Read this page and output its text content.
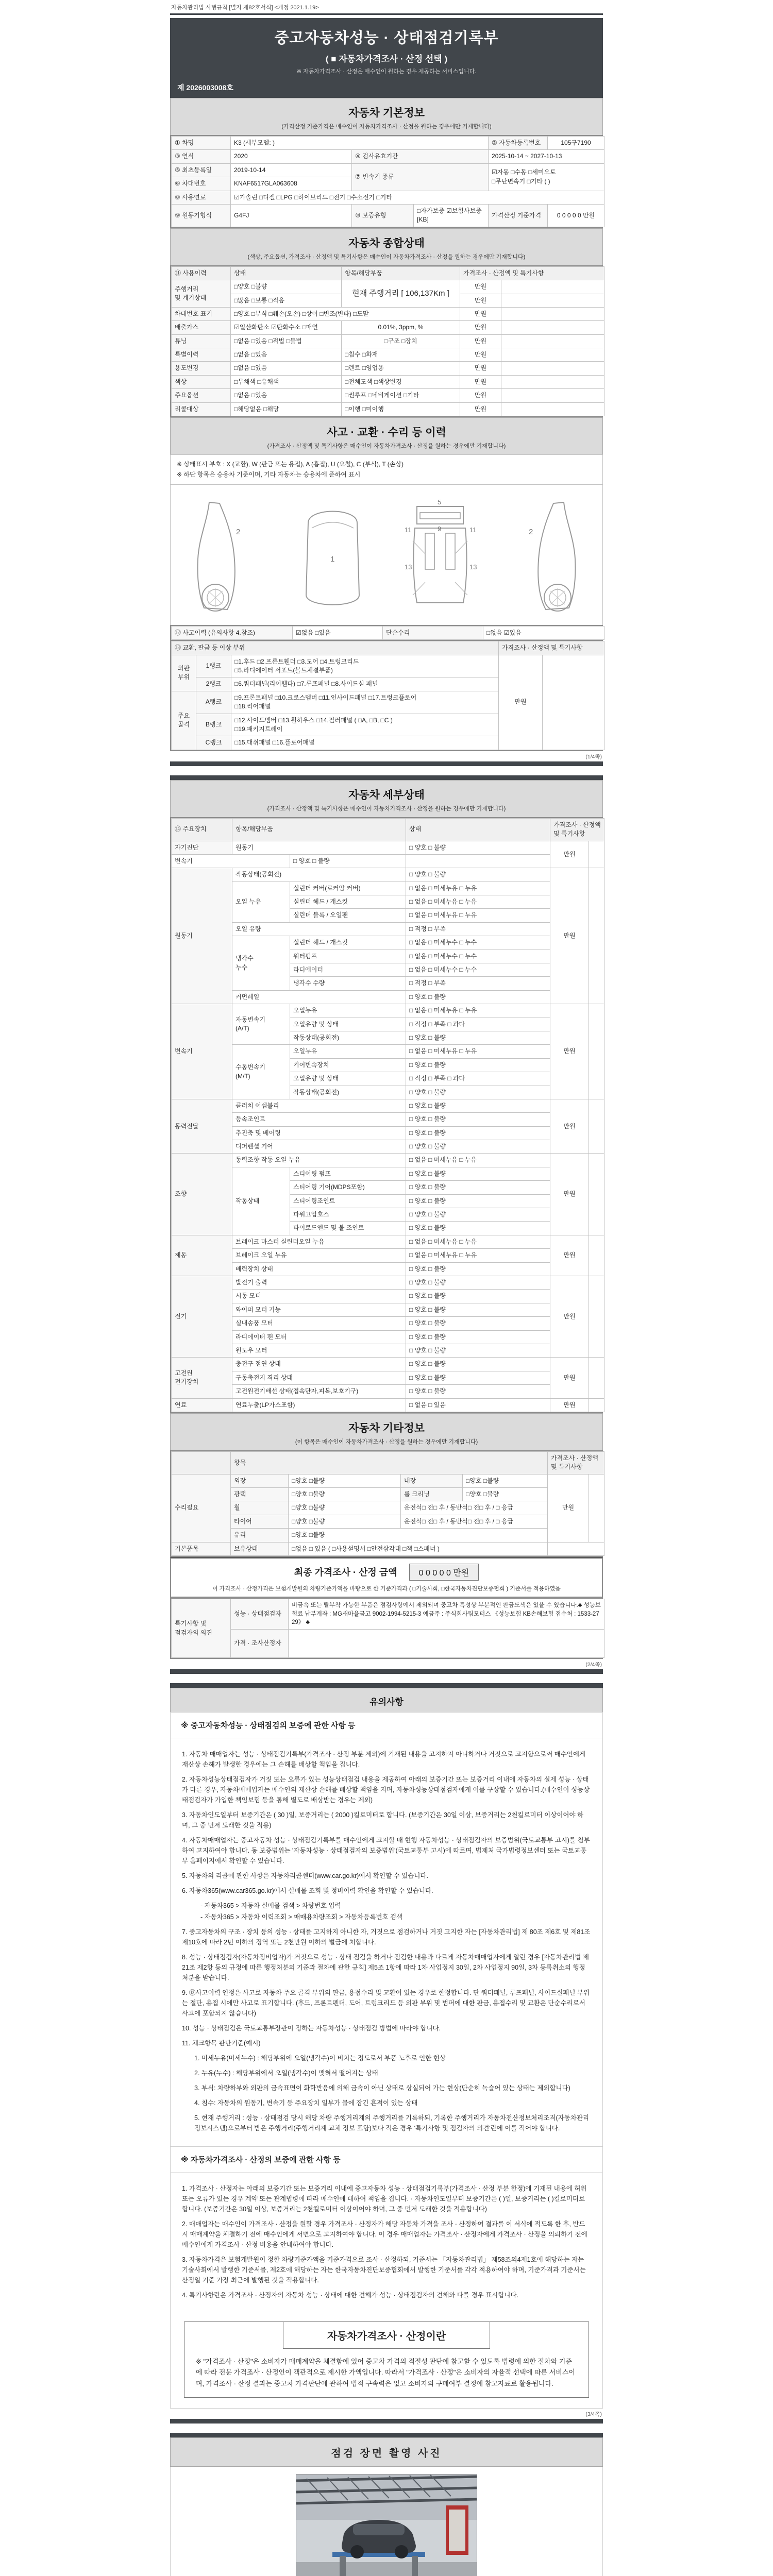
자동차관리법 시행규칙 [별지 제82호서식] <개정 2021.1.19>
중고자동차성능 · 상태점검기록부
( ■ 자동차가격조사 · 산정 선택 )
※ 자동차가격조사 · 산정은 매수인이 원하는 경우 제공하는 서비스입니다.
제 2026003008호
자동차 기본정보

(가격산정 기준가격은 매수인이 자동차가격조사 · 산정을 원하는 경우에만 기재합니다)

① 차명	K3 (세부모델: )			② 자동차등록번호	105구7190
③ 연식	2020	④ 검사유효기간		2025-10-14 ~ 2027-10-13	
⑤ 최초등록일	2019-10-14	⑦ 변속기 종류		☑자동 □수동 □세미오토
□무단변속기 □기타 ( )	
⑥ 차대번호	KNAF6517GLA063608				
⑧ 사용연료	☑가솔린 □디젤 □LPG □하이브리드 □전기 □수소전기 □기타				
⑨ 원동기형식	G4FJ	⑩ 보증유형	□자가보증 ☑보험사보증 [KB]	가격산정 기준가격	0 0 0 0 0 만원
자동차 종합상태

(색상, 주요옵션, 가격조사 · 산정액 및 특기사항은 매수인이 자동차가격조사 · 산정을 원하는 경우에만 기재합니다)

⑪ 사용이력	상태	항목/해당부품	가격조사 · 산정액 및 특기사항	
주행거리
및 계기상태	□양호 □불량	현재 주행거리 [ 106,137Km ]	만원	
	□많음 □보통 □적음		만원	
차대번호 표기	□양호 □부식 □훼손(오손) □상이 □변조(변타) □도말		만원	
배출가스	☑일산화탄소 ☑탄화수소 □매연	0.01%, 3ppm, %	만원	
튜닝	□없음 □있음 □적법 □불법	□구조 □장치	만원	
특별이력	□없음 □있음	□침수 □화재	만원	
용도변경	□없음 □있음	□렌트 □영업용	만원	
색상	□무채색 □유채색	□전체도색 □색상변경	만원	
주요옵션	□없음 □있음	□썬루프 □네비게이션 □기타	만원	
리콜대상	□해당없음 □해당	□이행 □미이행	만원	
사고 · 교환 · 수리 등 이력

(가격조사 · 산정액 및 특기사항은 매수인이 자동차가격조사 · 산정을 원하는 경우에만 기재합니다)

※ 상태표시 부호 : X (교환), W (판금 또는 용접), A (흠집), U (요철), C (부식), T (손상)
※ 하단 항목은 승용차 기준이며, 기타 자동차는 승용차에 준하여 표시
2
1
11	11
13	13
5
9	2
⑫ 사고이력 (유의사항 4.참조)	☑없음 □있음	단순수리	□없음 ☑있음
⑬ 교환, 판금 등 이상 부위			가격조사 · 산정액 및 특기사항	
외판
부위	1랭크	□1.후드 □2.프론트휀더 □3.도어 □4.트렁크리드
□5.라디에이터 서포트(볼트체결부품)	만원	
	2랭크	□6.쿼터패널(리어휀다) □7.루프패널 □8.사이드실 패널		
주요
골격	A랭크	□9.프론트패널 □10.크로스멤버 □11.인사이드패널 □17.트렁크플로어
□18.리어패널		
	B랭크	□12.사이드멤버 □13.휠하우스 □14.필러패널 ( □A, □B, □C )
□19.패키지트레이		
	C랭크	□15.대쉬패널 □16.플로어패널		
(1/4쪽)
자동차 세부상태

(가격조사 · 산정액 및 특기사항은 매수인이 자동차가격조사 · 산정을 원하는 경우에만 기재합니다)

⑭ 주요장치	항목/해당부품		상태	가격조사 · 산정액 및 특기사항	
자기진단	원동기		□ 양호 □ 불량	만원	
변속기		□ 양호 □ 불량			
원동기	작동상태(공회전)		□ 양호 □ 불량	만원	
	오일 누유	실린더 커버(로커암 커버)	□ 없음 □ 미세누유 □ 누유		
		실린더 헤드 / 개스킷	□ 없음 □ 미세누유 □ 누유		
		실린더 블록 / 오일팬	□ 없음 □ 미세누유 □ 누유		
	오일 유량		□ 적정 □ 부족		
	냉각수
누수	실린더 헤드 / 개스킷	□ 없음 □ 미세누수 □ 누수		
		워터펌프	□ 없음 □ 미세누수 □ 누수		
		라디에이터	□ 없음 □ 미세누수 □ 누수		
		냉각수 수량	□ 적정 □ 부족		
	커먼레일		□ 양호 □ 불량		
변속기	자동변속기
(A/T)	오일누유	□ 없음 □ 미세누유 □ 누유	만원	
		오일유량 및 상태	□ 적정 □ 부족 □ 과다		
		작동상태(공회전)	□ 양호 □ 불량		
	수동변속기
(M/T)	오일누유	□ 없음 □ 미세누유 □ 누유		
		기어변속장치	□ 양호 □ 불량		
		오일유량 및 상태	□ 적정 □ 부족 □ 과다		
		작동상태(공회전)	□ 양호 □ 불량		
동력전달	클러치 어셈블리		□ 양호 □ 불량	만원	
	등속조인트		□ 양호 □ 불량		
	추진축 및 베어링		□ 양호 □ 불량		
	디퍼렌셜 기어		□ 양호 □ 불량		
조향	동력조향 작동 오일 누유		□ 없음 □ 미세누유 □ 누유	만원	
	작동상태	스티어링 펌프	□ 양호 □ 불량		
		스티어링 기어(MDPS포함)	□ 양호 □ 불량		
		스티어링조인트	□ 양호 □ 불량		
		파워고압호스	□ 양호 □ 불량		
		타이로드엔드 및 볼 조인트	□ 양호 □ 불량		
제동	브레이크 마스터 실린더오일 누유		□ 없음 □ 미세누유 □ 누유	만원	
	브레이크 오일 누유		□ 없음 □ 미세누유 □ 누유		
	배력장치 상태		□ 양호 □ 불량		
전기	발전기 출력		□ 양호 □ 불량	만원	
	시동 모터		□ 양호 □ 불량		
	와이퍼 모터 기능		□ 양호 □ 불량		
	실내송풍 모터		□ 양호 □ 불량		
	라디에이터 팬 모터		□ 양호 □ 불량		
	윈도우 모터		□ 양호 □ 불량		
고전원
전기장치	충전구 절연 상태		□ 양호 □ 불량	만원	
	구동축전지 격리 상태		□ 양호 □ 불량		
	고전원전기배선 상태(접속단자,피복,보호기구)		□ 양호 □ 불량		
연료	연료누출(LP가스포함)		□ 없음 □ 있음	만원	
자동차 기타정보

(이 항목은 매수인이 자동차가격조사 · 산정을 원하는 경우에만 기재합니다)

	항목				가격조사 · 산정액 및 특기사항	
수리필요	외장	□양호 □불량	내장	□양호 □불량	만원	
	광택	□양호 □불량	룸 크리닝	□양호 □불량		
	휠	□양호 □불량	운전석□ 전□ 후 / 동반석□ 전□ 후 / □ 응급			
	타이어	□양호 □불량	운전석□ 전□ 후 / 동반석□ 전□ 후 / □ 응급			
	유리	□양호 □불량				
기본품목	보유상태	□없음 □ 있음 ( □사용설명서 □안전삼각대 □잭 □스패너 )				
최종 가격조사 · 산정 금액	0 0 0 0 0 만원
이 가격조사 · 산정가격은 보험개발원의 차량기준가액을 바탕으로 한 기준가격과 ( □기술사회, □한국자동차진단보증협회 ) 기준서를 적용하였음
특기사항 및
점검자의 의견	성능 · 상태점검자	비금속 또는 탈부착 가능한 부품은 점검사항에서 제외되며 중고차 특성상 부분적인 판금도색은 있을 수 있습니다.♣ 성능보험료 납부계좌 : MG새마을금고 9002-1994-5215-3 예금주 : 주식회사팀모터스 《성능보험 KB손해보험 접수처 : 1533-2729》 ♣
	가격 · 조사산정자	
(2/4쪽)
유의사항
※ 중고자동차성능 · 상태점검의 보증에 관한 사항 등
1. 자동차 매매업자는 성능 · 상태점검기록부(가격조사 · 산정 부분 제외)에 기재된 내용을 고지하지 아니하거나 거짓으로 고지함으로써 매수인에게 재산상 손해가 발생한 경우에는 그 손해를 배상할 책임을 집니다.
2. 자동차성능상태점검자가 거짓 또는 오류가 있는 성능상태점검 내용을 제공하여 아래의 보증기간 또는 보증거리 이내에 자동차의 실제 성능 · 상태가 다른 경우, 자동차매매업자는 매수인의 재산상 손해를 배상할 책임을 지며, 자동차성능상태점검자에게 이를 구상할 수 있습니다.(매수인이 성능상태점검자가 가입한 책임보험 등을 통해 별도로 배상받는 경우는 제외)
3. 자동차인도일부터 보증기간은 ( 30 )일, 보증거리는 ( 2000 )킬로미터로 합니다. (보증기간은 30일 이상, 보증거리는 2천킬로미터 이상이어야 하며, 그 중 먼저 도래한 것을 적용)
4. 자동차매매업자는 중고자동차 성능 · 상태점검기록부를 매수인에게 고지할 때 현행 자동차성능 · 상태점검자의 보증범위(국토교통부 고시)를 첨부하여 고지하여야 합니다. 동 보증범위는 '자동차성능 · 상태점검자의 보증범위'(국토교통부 고시)에 따르며, 법제처 국가법령정보센터 또는 국토교통부 홈페이지에서 확인할 수 있습니다.
5. 자동차의 리콜에 관한 사항은 자동차리콜센터(www.car.go.kr)에서 확인할 수 있습니다.
6. 자동차365(www.car365.go.kr)에서 실매물 조회 및 정비이력 확인을 확인할 수 있습니다.
- 자동차365 > 자동차 실매물 검색 > 차량번호 입력
- 자동차365 > 자동차 이력조회 > 매매용차량조회 > 자동차등록번호 검색
7. 중고자동차의 구조 · 장치 등의 성능 · 상태를 고지하지 아니한 자, 거짓으로 점검하거나 거짓 고지한 자는 [자동차관리법] 제 80조 제6호 및 제81조 제10호에 따라 2년 이하의 징역 또는 2천만원 이하의 벌금에 처합니다.
8. 성능 · 상태점검자(자동차정비업자)가 거짓으로 성능 · 상태 점검을 하거나 점검한 내용과 다르게 자동차매매업자에게 알린 경우 [자동차관리법 제21조 제2항 등의 규정에 따른 행정처분의 기준과 절차에 관한 규칙] 제5조 1항에 따라 1차 사업정지 30일, 2차 사업정지 90일, 3차 등록취소의 행정처분을 받습니다.
9. ⑫사고이력 인정은 사고로 자동차 주요 골격 부위의 판금, 용접수리 및 교환이 있는 경우로 한정합니다. 단 쿼터패널, 루프패널, 사이드실패널 부위는 절단, 용접 시에만 사고로 표기합니다. (후드, 프론트펜더, 도어, 트렁크리드 등 외판 부위 및 범퍼에 대한 판금, 용접수리 및 교환은 단순수리로서 사고에 포함되지 않습니다)
10. 성능 · 상태점검은 국토교통부장관이 정하는 자동차성능 · 상태점검 방법에 따라야 합니다.
11. 체크항목 판단기준(예시)
1. 미세누유(미세누수) : 해당부위에 오일(냉각수)이 비치는 정도로서 부품 노후로 인한 현상
2. 누유(누수) : 해당부위에서 오일(냉각수)이 맺혀서 떨어지는 상태
3. 부식: 차량하부와 외판의 금속표면이 화학반응에 의해 금속이 아닌 상태로 상실되어 가는 현상(단순히 녹슬어 있는 상태는 제외합니다)
4. 침수: 자동차의 원동기, 변속기 등 주요장치 일부가 물에 잠긴 흔적이 있는 상태
5. 현재 주행거리 : 성능 · 상태점검 당시 해당 차량 주행거리계의 주행거리를 기록하되, 기록한 주행거리가 자동차전산정보처리조직(자동차관리정보시스템)으로부터 받은 주행거리(주행거리계 교체 정보 포함)보다 적은 경우 '특기사항 및 점검자의 의견'란에 이를 적어야 합니다.
※ 자동차가격조사 · 산정의 보증에 관한 사항 등
1. 가격조사 · 산정자는 아래의 보증기간 또는 보증거리 이내에 중고자동차 성능 · 상태점검기록부(가격조사 · 산정 부분 한정)에 기재된 내용에 허위 또는 오류가 있는 경우 계약 또는 관계법령에 따라 매수인에 대하여 책임을 집니다. · 자동차인도일부터 보증기간은 ( )일, 보증거리는 ( )킬로미터로 합니다. (보증기간은 30일 이상, 보증거리는 2천킬로미터 이상이어야 하며, 그 중 먼저 도래한 것을 적용합니다)
2. 매매업자는 매수인이 가격조사 · 산정을 원할 경우 가격조사 · 산정자가 해당 자동차 가격을 조사 · 산정하여 결과를 이 서식에 적도록 한 후, 반드시 매매계약을 체결하기 전에 매수인에게 서면으로 고지하여야 합니다. 이 경우 매매업자는 가격조사 · 산정자에게 가격조사 · 산정을 의뢰하기 전에 매수인에게 가격조사 · 산정 비용을 안내하여야 합니다.
3. 자동차가격은 보험개발원이 정한 차량기준가액을 기준가격으로 조사 · 산정하되, 기준서는 「자동차관리법」 제58조의4제1호에 해당하는 자는 기술사회에서 발행한 기준서를, 제2호에 해당하는 자는 한국자동차진단보증협회에서 발행한 기준서를 각각 적용하여야 하며, 기준가격과 기준서는 산정일 기준 가장 최근에 발행된 것을 적용합니다.
4. 특기사항란은 가격조사 · 산정자의 자동차 성능 · 상태에 대한 견해가 성능 · 상태점검자의 견해와 다를 경우 표시합니다.
자동차가격조사 · 산정이란
※ "가격조사 · 산정"은 소비자가 매매계약을 체결함에 있어 중고차 가격의 적절성 판단에 참고할 수 있도록 법령에 의한 절차와 기준에 따라 전문 가격조사 · 산정인이 객관적으로 제시한 가액입니다. 따라서 "가격조사 · 산정"은 소비자의 자율적 선택에 따른 서비스이며, 가격조사 · 산정 결과는 중고차 가격판단에 관하여 법적 구속력은 없고 소비자의 구매여부 결정에 참고자료로 활용됩니다.
(3/4쪽)
점검 장면 촬영 사진
